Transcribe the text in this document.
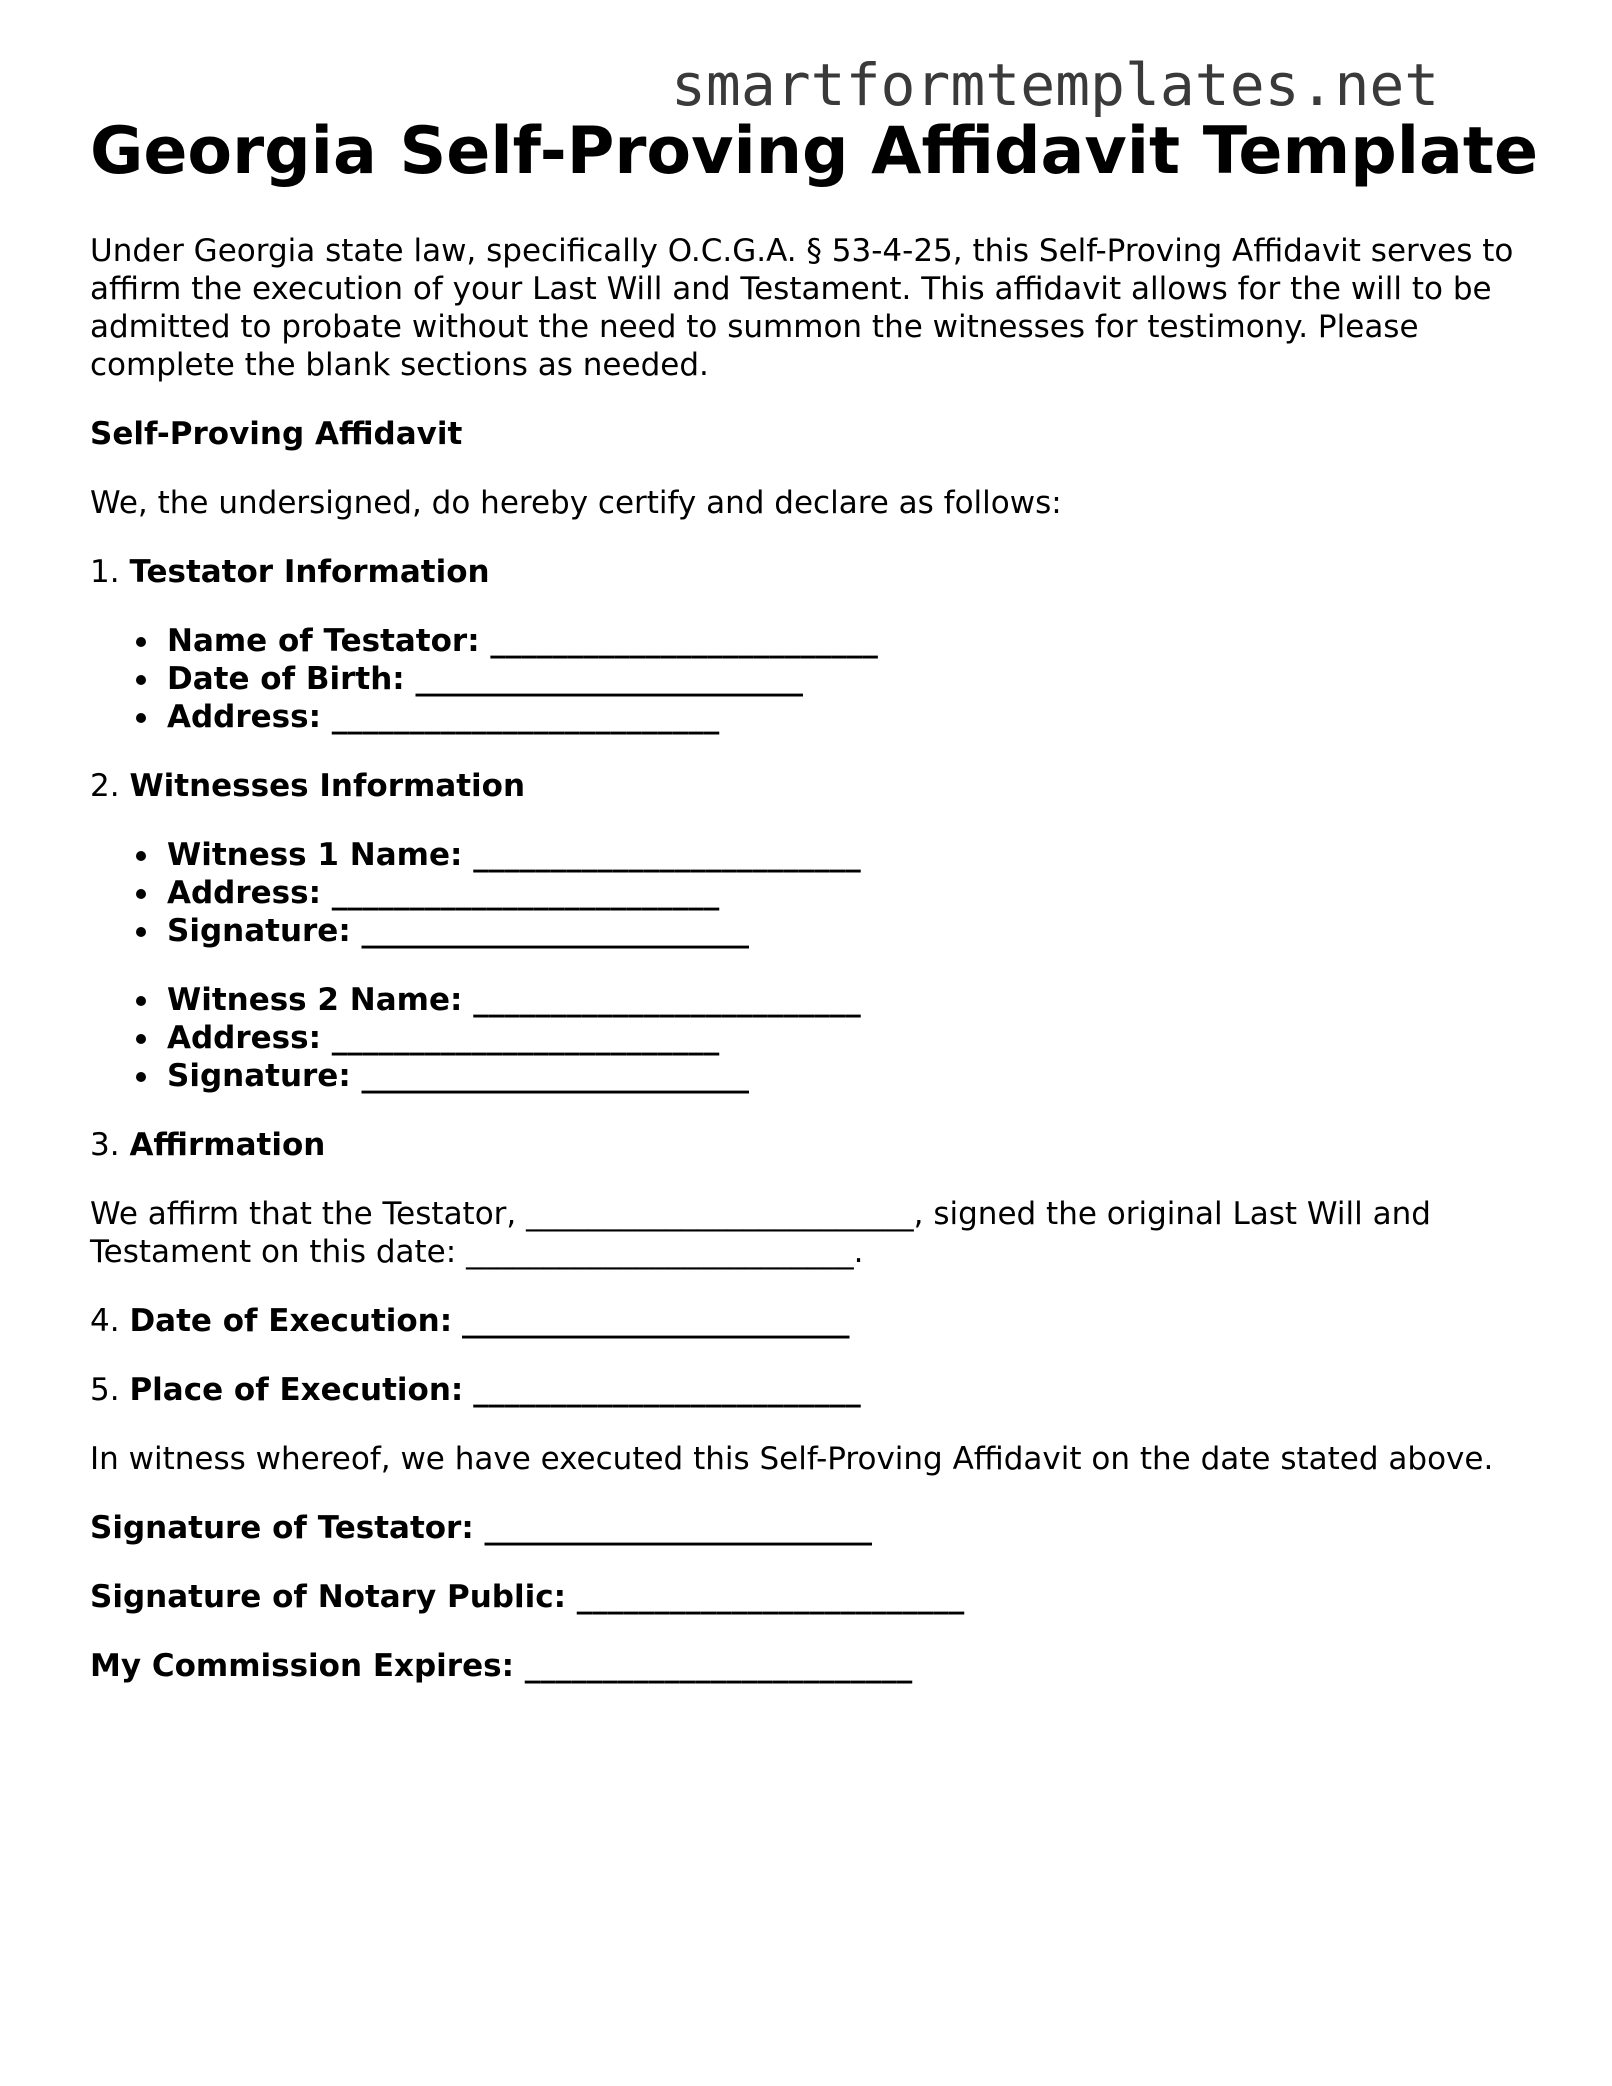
smartformtemplates.net
Georgia Self-Proving Affidavit Template

Under Georgia state law, specifically O.C.G.A. § 53-4-25, this Self-Proving Affidavit serves to affirm the execution of your Last Will and Testament. This affidavit allows for the will to be admitted to probate without the need to summon the witnesses for testimony. Please complete the blank sections as needed.

Self-Proving Affidavit

We, the undersigned, do hereby certify and declare as follows:

1. Testator Information

Name of Testator: _________________________
Date of Birth: _________________________
Address: _________________________

2. Witnesses Information

Witness 1 Name: _________________________
Address: _________________________
Signature: _________________________
Witness 2 Name: _________________________
Address: _________________________
Signature: _________________________

3. Affirmation

We affirm that the Testator, _________________________, signed the original Last Will and Testament on this date: _________________________.

4. Date of Execution: _________________________

5. Place of Execution: _________________________

In witness whereof, we have executed this Self-Proving Affidavit on the date stated above.

Signature of Testator: _________________________

Signature of Notary Public: _________________________

My Commission Expires: _________________________
